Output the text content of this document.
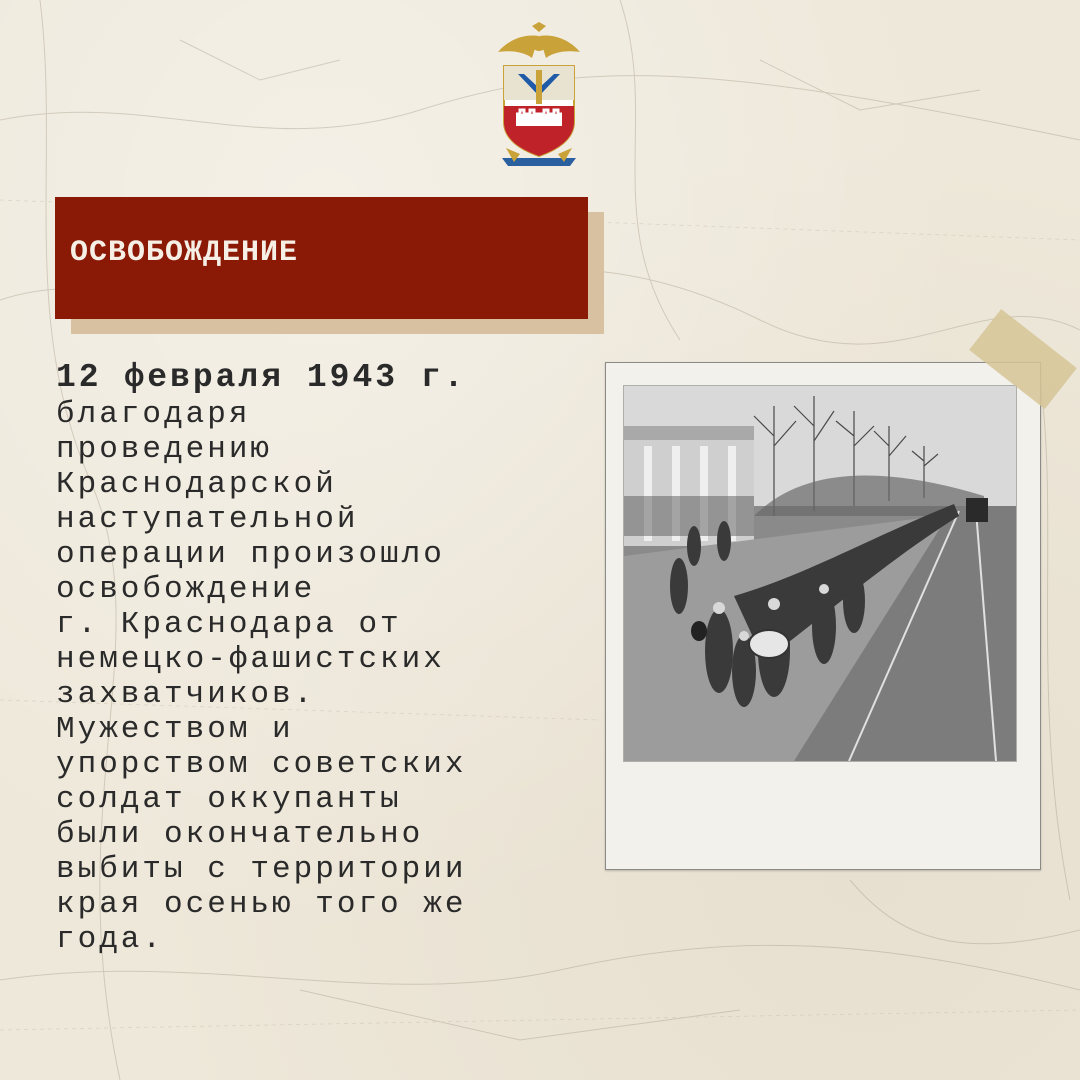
ОСВОБОЖДЕНИЕ
12 февраля 1943 г.
благодаря
проведению
Краснодарской
наступательной
операции произошло
освобождение
г. Краснодара от
немецко-фашистских
захватчиков.
Мужеством и
упорством советских
солдат оккупанты
были окончательно
выбиты с территории
края осенью того же
года.
